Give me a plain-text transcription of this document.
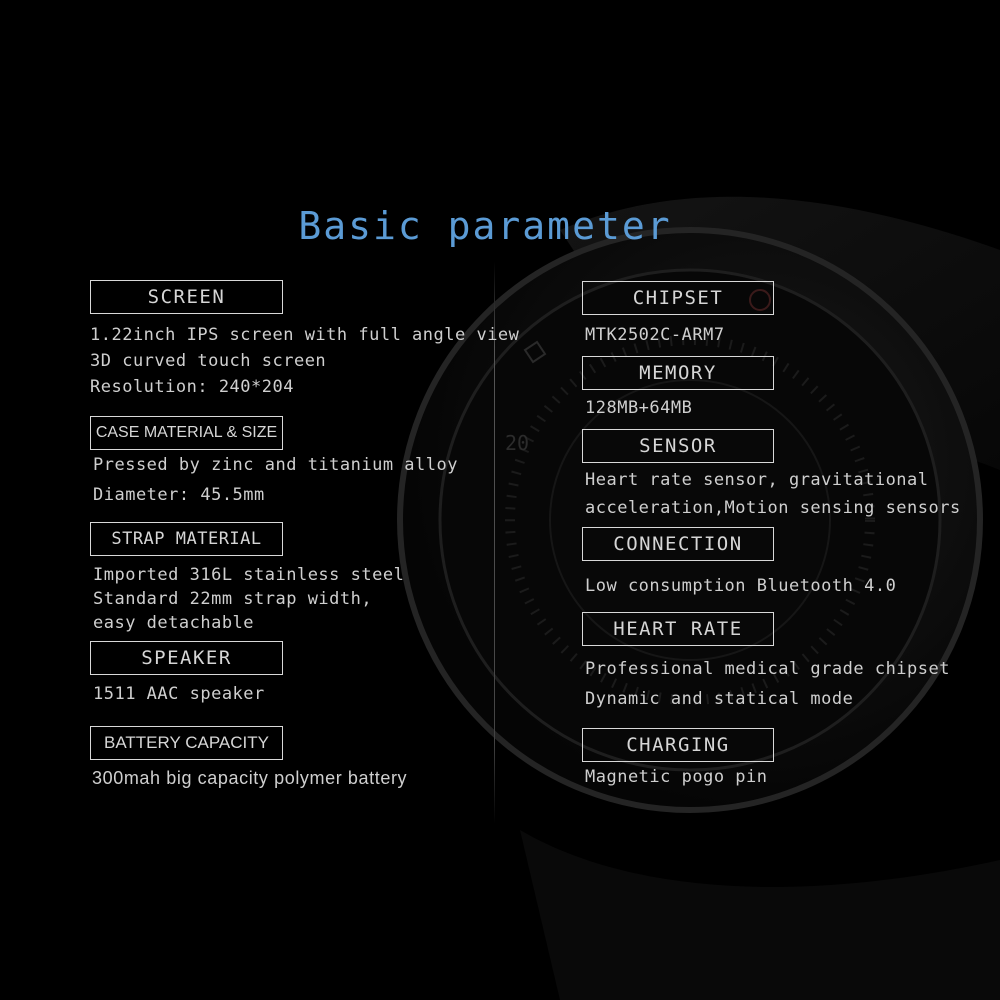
20
Basic parameter
SCREEN
1.22inch IPS screen with full angle view
3D curved touch screen
Resolution: 240*204
CASE MATERIAL & SIZE
Pressed by zinc and titanium alloy
Diameter: 45.5mm
STRAP MATERIAL
Imported 316L stainless steel
Standard 22mm strap width,
easy detachable
SPEAKER
1511 AAC speaker
BATTERY CAPACITY
300mah big capacity polymer battery
CHIPSET
MTK2502C-ARM7
MEMORY
128MB+64MB
SENSOR
Heart rate sensor, gravitational
acceleration,Motion sensing sensors
CONNECTION
Low consumption Bluetooth 4.0
HEART RATE
Professional medical grade chipset
Dynamic and statical mode
CHARGING
Magnetic pogo pin
